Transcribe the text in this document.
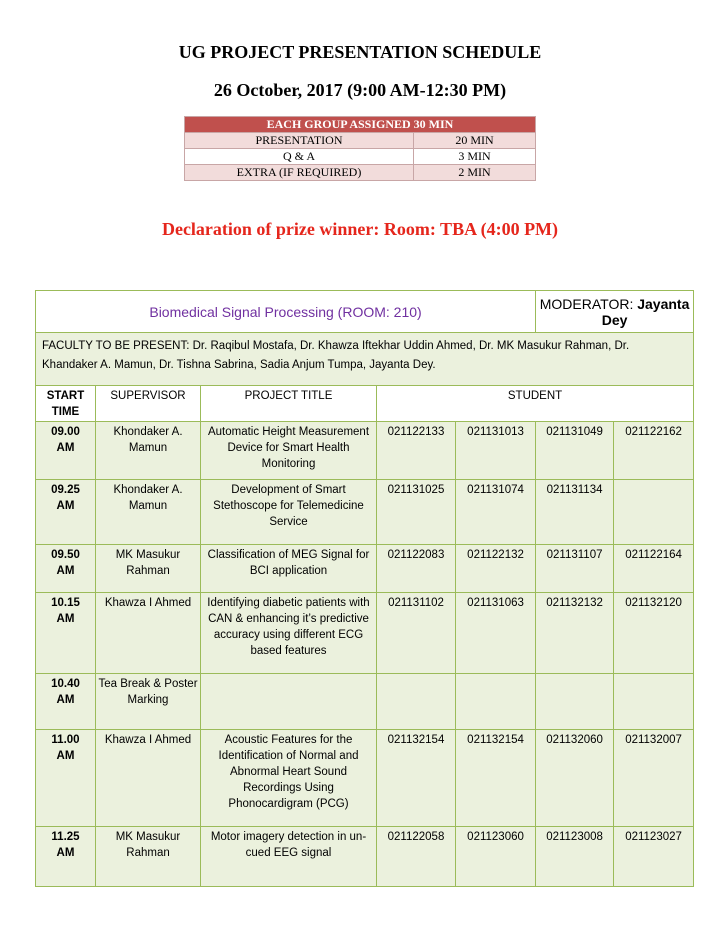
UG PROJECT PRESENTATION SCHEDULE
26 October, 2017 (9:00 AM-12:30 PM)
EACH GROUP ASSIGNED 30 MIN	
PRESENTATION	20 MIN
Q & A	3 MIN
EXTRA (IF REQUIRED)	2 MIN
Declaration of prize winner: Room: TBA (4:00 PM)
Biomedical Signal Processing (ROOM: 210)					MODERATOR: Jayanta Dey	
FACULTY TO BE PRESENT: Dr. Raqibul Mostafa, Dr. Khawza Iftekhar Uddin Ahmed, Dr. MK Masukur Rahman, Dr. Khandaker A. Mamun, Dr. Tishna Sabrina, Sadia Anjum Tumpa, Jayanta Dey.						
START
TIME	SUPERVISOR	PROJECT TITLE	STUDENT			
09.00
AM	Khondaker A. Mamun	Automatic Height Measurement Device for Smart Health Monitoring	021122133	021131013	021131049	021122162
09.25
AM	Khondaker A. Mamun	Development of Smart Stethoscope for Telemedicine Service	021131025	021131074	021131134	
09.50
AM	MK Masukur Rahman	Classification of MEG Signal for BCI application	021122083	021122132	021131107	021122164
10.15
AM	Khawza I Ahmed	Identifying diabetic patients with CAN & enhancing it’s predictive accuracy using different ECG based features	021131102	021131063	021132132	021132120
10.40
AM	Tea Break & Poster Marking					
11.00
AM	Khawza I Ahmed	Acoustic Features for the Identification of Normal and Abnormal Heart Sound Recordings Using Phonocardigram (PCG)	021132154	021132154	021132060	021132007
11.25
AM	MK Masukur Rahman	Motor imagery detection in un-cued EEG signal	021122058	021123060	021123008	021123027
